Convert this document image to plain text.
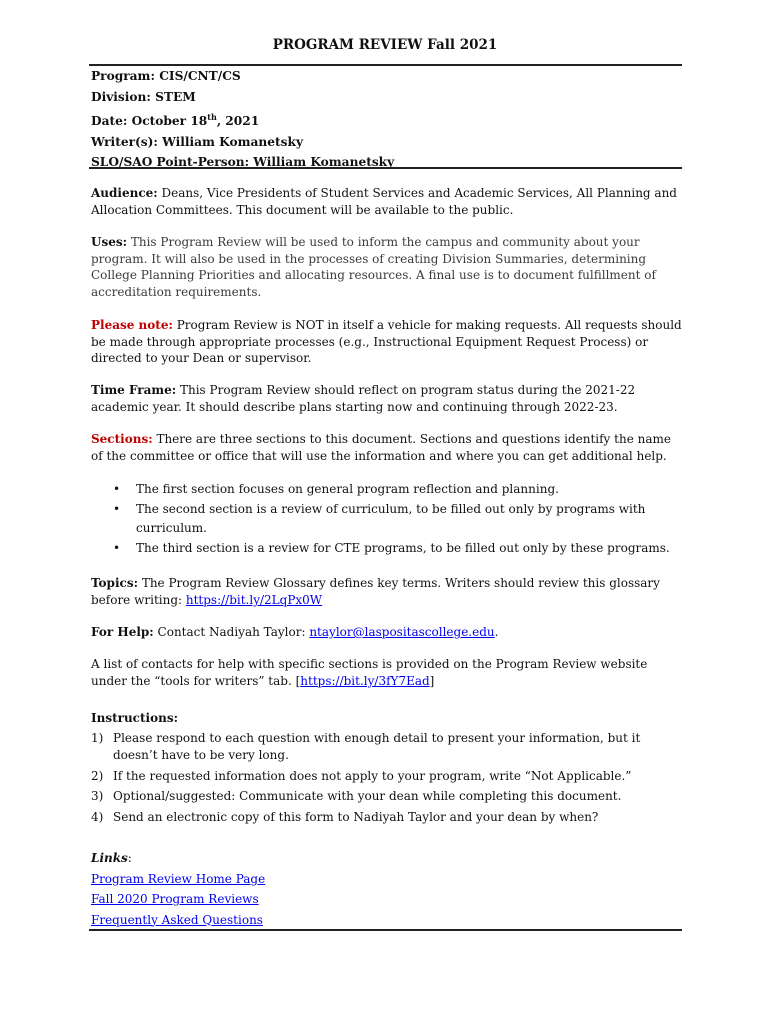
PROGRAM REVIEW Fall 2021
Program: CIS/CNT/CS
Division: STEM
Date: October 18th, 2021
Writer(s): William Komanetsky
SLO/SAO Point-Person: William Komanetsky
Audience: Deans, Vice Presidents of Student Services and Academic Services, All Planning and Allocation Committees. This document will be available to the public.
Uses: This Program Review will be used to inform the campus and community about your program. It will also be used in the processes of creating Division Summaries, determining College Planning Priorities and allocating resources. A final use is to document fulfillment of accreditation requirements.
Please note: Program Review is NOT in itself a vehicle for making requests. All requests should be made through appropriate processes (e.g., Instructional Equipment Request Process) or directed to your Dean or supervisor.
Time Frame: This Program Review should reflect on program status during the 2021-22 academic year. It should describe plans starting now and continuing through 2022-23.
Sections: There are three sections to this document. Sections and questions identify the name of the committee or office that will use the information and where you can get additional help.
• The first section focuses on general program reflection and planning.
• The second section is a review of curriculum, to be filled out only by programs with curriculum.
• The third section is a review for CTE programs, to be filled out only by these programs.
Topics: The Program Review Glossary defines key terms. Writers should review this glossary before writing: https://bit.ly/2LqPx0W
For Help: Contact Nadiyah Taylor: ntaylor@laspositascollege.edu.
A list of contacts for help with specific sections is provided on the Program Review website under the “tools for writers” tab. [https://bit.ly/3fY7Ead]
Instructions:
1) Please respond to each question with enough detail to present your information, but it doesn’t have to be very long.
2) If the requested information does not apply to your program, write “Not Applicable.”
3) Optional/suggested: Communicate with your dean while completing this document.
4) Send an electronic copy of this form to Nadiyah Taylor and your dean by when?
Links:
Program Review Home Page
Fall 2020 Program Reviews
Frequently Asked Questions
